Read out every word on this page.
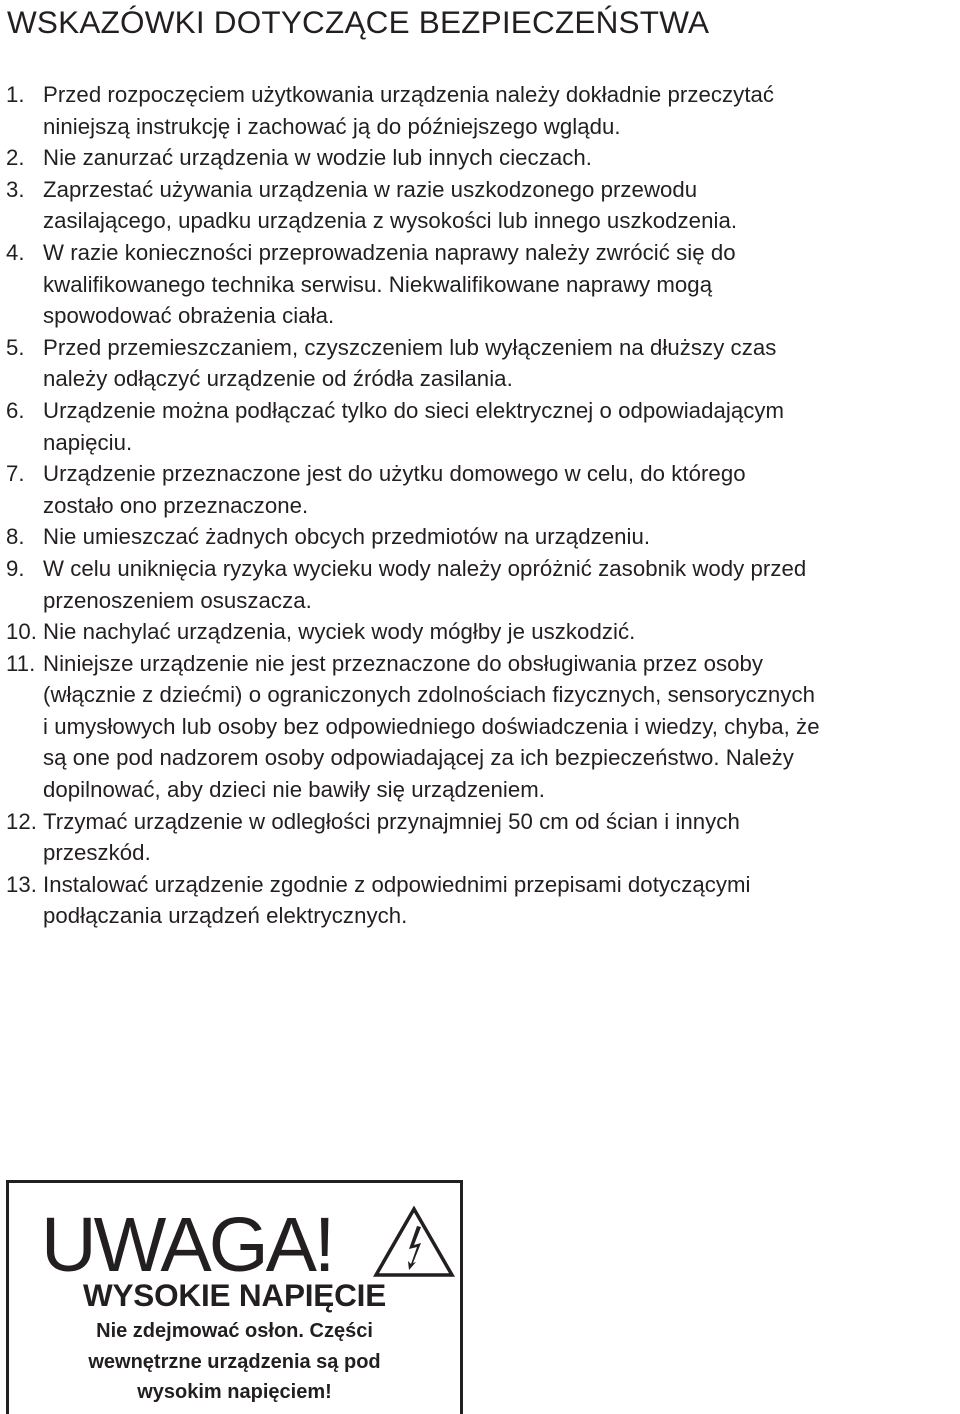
WSKAZÓWKI DOTYCZĄCE BEZPIECZEŃSTWA
1. Przed rozpoczęciem użytkowania urządzenia należy dokładnie przeczytać
niniejszą instrukcję i zachować ją do późniejszego wglądu.
2. Nie zanurzać urządzenia w wodzie lub innych cieczach.
3. Zaprzestać używania urządzenia w razie uszkodzonego przewodu
zasilającego, upadku urządzenia z wysokości lub innego uszkodzenia.
4. W razie konieczności przeprowadzenia naprawy należy zwrócić się do
kwalifikowanego technika serwisu. Niekwalifikowane naprawy mogą
spowodować obrażenia ciała.
5. Przed przemieszczaniem, czyszczeniem lub wyłączeniem na dłuższy czas
należy odłączyć urządzenie od źródła zasilania.
6. Urządzenie można podłączać tylko do sieci elektrycznej o odpowiadającym
napięciu.
7. Urządzenie przeznaczone jest do użytku domowego w celu, do którego
zostało ono przeznaczone.
8. Nie umieszczać żadnych obcych przedmiotów na urządzeniu.
9. W celu uniknięcia ryzyka wycieku wody należy opróżnić zasobnik wody przed
przenoszeniem osuszacza.
10. Nie nachylać urządzenia, wyciek wody mógłby je uszkodzić.
11. Niniejsze urządzenie nie jest przeznaczone do obsługiwania przez osoby
(włącznie z dziećmi) o ograniczonych zdolnościach fizycznych, sensorycznych
i umysłowych lub osoby bez odpowiedniego doświadczenia i wiedzy, chyba, że
są one pod nadzorem osoby odpowiadającej za ich bezpieczeństwo. Należy
dopilnować, aby dzieci nie bawiły się urządzeniem.
12. Trzymać urządzenie w odległości przynajmniej 50 cm od ścian i innych
przeszkód.
13. Instalować urządzenie zgodnie z odpowiednimi przepisami dotyczącymi
podłączania urządzeń elektrycznych.
UWAGA!
WYSOKIE NAPIĘCIE

Nie zdejmować osłon. Części
wewnętrzne urządzenia są pod
wysokim napięciem!
